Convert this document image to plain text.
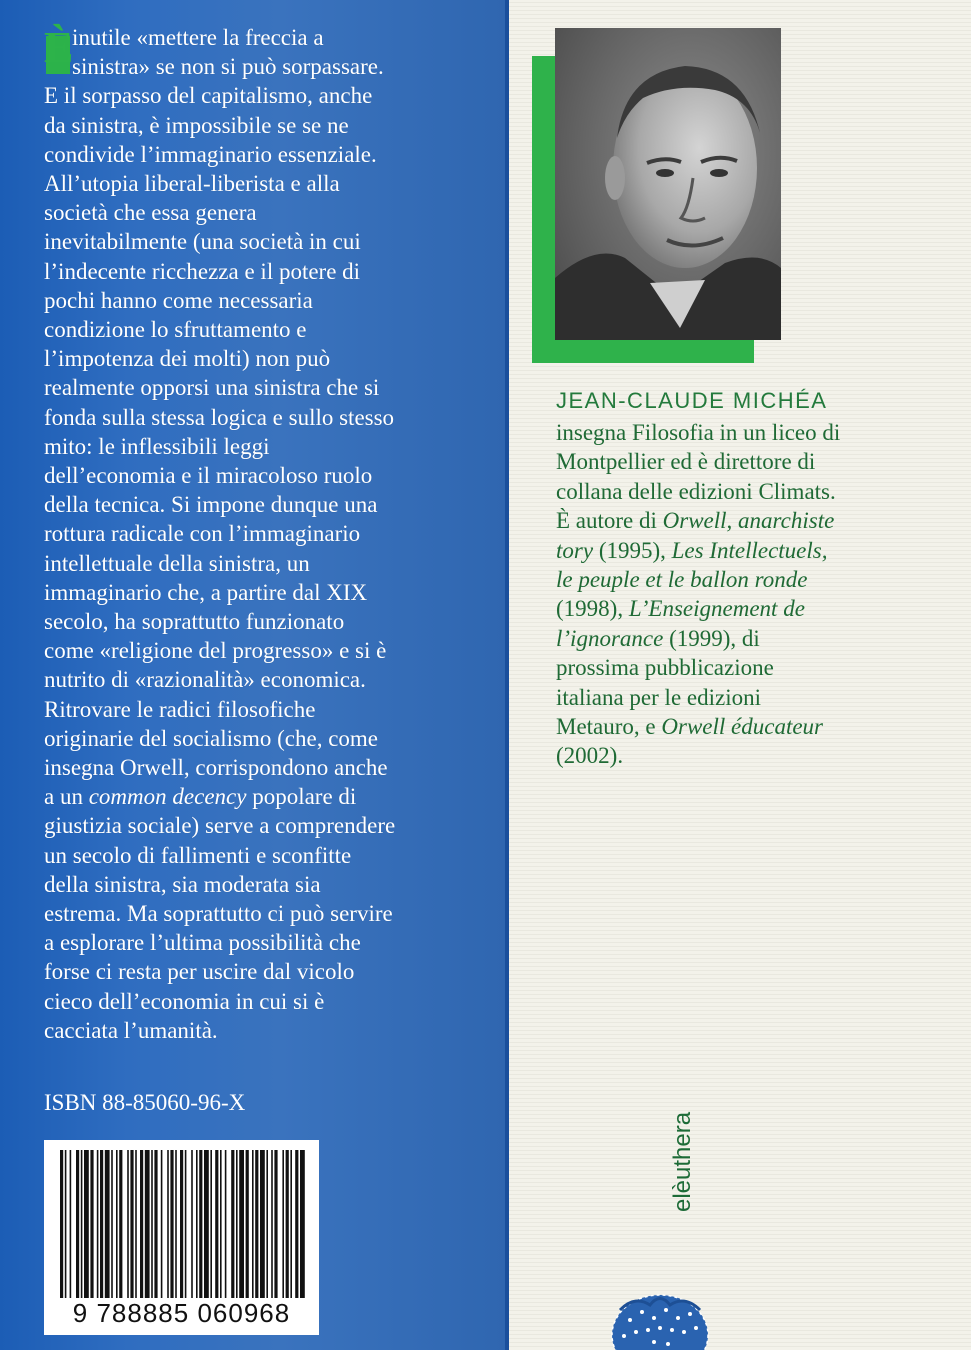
È

inutile «mettere la freccia a

sinistra» se non si può sorpassare.

E il sorpasso del capitalismo, anche

da sinistra, è impossibile se se ne

condivide l’immaginario essenziale.

All’utopia liberal-liberista e alla

società che essa genera

inevitabilmente (una società in cui

l’indecente ricchezza e il potere di

pochi hanno come necessaria

condizione lo sfruttamento e

l’impotenza dei molti) non può

realmente opporsi una sinistra che si

fonda sulla stessa logica e sullo stesso

mito: le inflessibili leggi

dell’economia e il miracoloso ruolo

della tecnica. Si impone dunque una

rottura radicale con l’immaginario

intellettuale della sinistra, un

immaginario che, a partire dal XIX

secolo, ha soprattutto funzionato

come «religione del progresso» e si è

nutrito di «razionalità» economica.

Ritrovare le radici filosofiche

originarie del socialismo (che, come

insegna Orwell, corrispondono anche

a un common decency popolare di

giustizia sociale) serve a comprendere

un secolo di fallimenti e sconfitte

della sinistra, sia moderata sia

estrema. Ma soprattutto ci può servire

a esplorare l’ultima possibilità che

forse ci resta per uscire dal vicolo

cieco dell’economia in cui si è

cacciata l’umanità.

ISBN 88-85060-96-X

9 788885 060968

JEAN-CLAUDE MICHÉA

insegna Filosofia in un liceo di

Montpellier ed è direttore di

collana delle edizioni Climats.

È autore di Orwell, anarchiste

tory (1995), Les Intellectuels,

le peuple et le ballon ronde

(1998), L’Enseignement de

l’ignorance (1999), di

prossima pubblicazione

italiana per le edizioni

Metauro, e Orwell éducateur

(2002).

elèuthera
